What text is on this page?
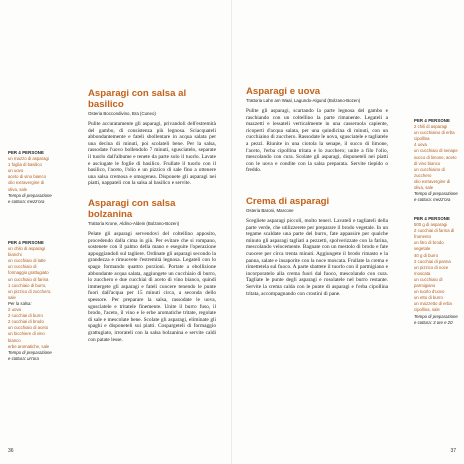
PER 4 PERSONE
un mazzo di asparagi
1 foglia di basilico
un uovo
aceto di vino bianco
olio extravergine di oliva, sale
Tempo di preparazione e cottura: mezz'ora
Asparagi con salsa al basilico
Osteria Boccondivino, Bra (Cuneo)

Pulite accuratamente gli asparagi, privandoli dell'estremità del gambo, di consistenza più legnosa. Sciacquateli abbondantemente e fateli sbollentare in acqua salata per una decina di minuti, poi scolateli bene. Per la salsa, rassodate l'uovo bollendolo 7 minuti, sgusciatelo, separate il tuorlo dall'albume e tenete da parte solo il tuorlo. Lavate e asciugate le foglie di basilico. Frullate il tuorlo con il basilico, l'aceto, l'olio e un pizzico di sale fino a ottenere una salsa cremosa e omogenea. Disponete gli asparagi nei piatti, nappateli con la salsa al basilico e servite.

PER 4 PERSONE
un chilo di asparagi bianchi
un cucchiaio di latte
un cucchiaio di formaggio grattugiato
un cucchiaio di farina
1 cucchiaio di burro, un pizzico di zucchero, sale
Per la salsa:
2 uova
2 cucchiai di burro
2 cucchiai di brodo
un cucchiaio di aceto
un bicchiere di vino bianco
erbe aromatiche, sale
Tempo di preparazione e cottura: un'ora
Asparagi con salsa bolzanina
Trattoria Krone, Aldino-Aldein (Bolzano-Bozen)

Pelate gli asparagi servendovi del coltellino apposito, procedendo dalla cima in giù. Per evitare che si rompano, sostenete con il palmo della mano e eseguite l'operazione appoggiandoli sul tagliere. Ordinate gli asparagi secondo la grandezza e rimuovete l'estremità legnosa. Legateli con lo spago formando quattro porzioni. Portate a ebollizione abbondante acqua salata, aggiungete un cucchiaio di burro, lo zucchero e due cucchiai di aceto di vino bianco, quindi immergete gli asparagi e fateli cuocere tenendo le punte fuori dall'acqua per 15 minuti circa, a seconda dello spessore. Per preparare la salsa, rassodate le uova, sgusciatele e tritatele finemente. Unite il burro fuso, il brodo, l'aceto, il vino e le erbe aromatiche tritate, regolate di sale e mescolate bene. Scolate gli asparagi, eliminate gli spaghi e disponeteli sui piatti. Cospargeteli di formaggio grattugiato, irrorateli con la salsa bolzanina e servite caldi con patate lesse.

36
Asparagi e uova
Trattoria Lahn am Waal, Lagundo-Algund (Bolzano-Bozen)

Pulite gli asparagi, scartando la parte legnosa del gambo e raschiando con un coltellino la parte rimanente. Legateli a mazzetti e lessateli verticalmente in una casseruola capiente, ricoperti d'acqua salata, per una quindicina di minuti, con un cucchiaino di zucchero. Rassodate le uova, sgusciatele e tagliatele a pezzi. Riunite in una ciotola la senape, il succo di limone, l'aceto, l'erba cipollina tritata e lo zucchero; unite a filo l'olio, mescolando con cura. Scolate gli asparagi, disponeteli nei piatti con le uova e condite con la salsa preparata. Servite tiepido o freddo.

PER 4 PERSONE
2 chili di asparagi
un cucchiaino di erba cipollina
4 uova
un cucchiaio di senape
succo di limone, aceto di vino bianco
un cucchiaino di zucchero
olio extravergine di oliva, sale
Tempo di preparazione e cottura: mezz'ora
Crema di asparagi
Osteria Baroni, Marcone

Scegliete asparagi piccoli, molto teneri. Lavateli e tagliateli della parte verde, che utilizzerete per preparare il brodo vegetale. In un tegame scaldate una parte del burro, fate appassire per qualche minuto gli asparagi tagliati a pezzetti, spolverizzate con la farina, mescolando velocemente. Bagnate con un mestolo di brodo e fate cuocere per circa trenta minuti. Aggiungete il brodo rimasto e la panna, salate e insaporite con la noce moscata. Frullate la crema e rimettetela sul fuoco. A parte sbattete il tuorlo con il parmigiano e incorporatelo alla crema fuori dal fuoco, mescolando con cura. Tagliate le punte degli asparagi e rosolatele nel burro restante. Servite la crema calda con le punte di asparagi e l'erba cipollina tritata, accompagnando con crostini di pane.

PER 4 PERSONE
500 g di asparagi
2 cucchiai di farina di frumento
un litro di brodo vegetale
40 g di burro
2 cucchiai di panna
un pizzico di noce moscata
un cucchiaio di parmigiano
un tuorlo d'uovo
un etto di burro
un mazzetto di erba cipollina, sale
Tempo di preparazione e cottura: 3 ore e 20
37
